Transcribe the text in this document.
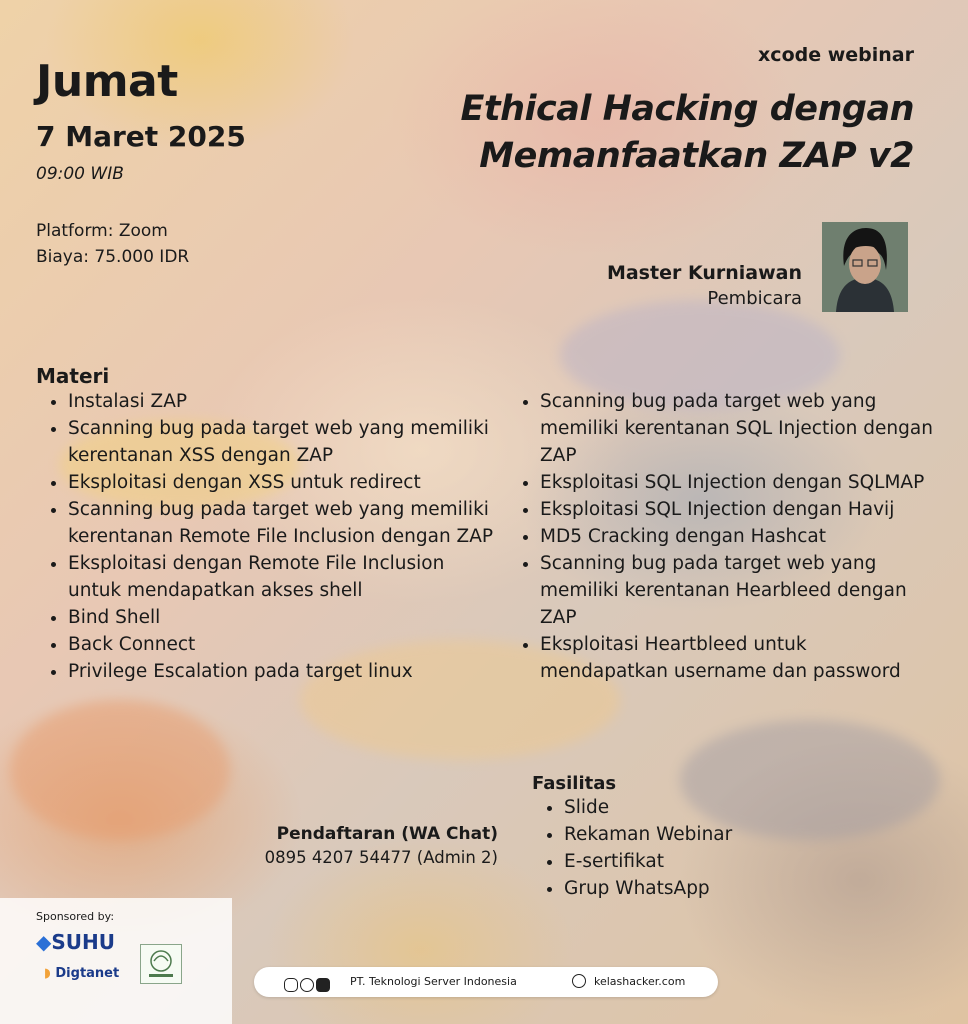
Jumat
7 Maret 2025
09:00 WIB
Platform: Zoom
Biaya: 75.000 IDR
xcode webinar
Ethical Hacking dengan
Memanfaatkan ZAP v2
Master Kurniawan
Pembicara
Materi
• Instalasi ZAP
• Scanning bug pada target web yang memiliki kerentanan XSS dengan ZAP
• Eksploitasi dengan XSS untuk redirect
• Scanning bug pada target web yang memiliki kerentanan Remote File Inclusion dengan ZAP
• Eksploitasi dengan Remote File Inclusion untuk mendapatkan akses shell
• Bind Shell
• Back Connect
• Privilege Escalation pada target linux
• Scanning bug pada target web yang memiliki kerentanan SQL Injection dengan ZAP
• Eksploitasi SQL Injection dengan SQLMAP
• Eksploitasi SQL Injection dengan Havij
• MD5 Cracking dengan Hashcat
• Scanning bug pada target web yang memiliki kerentanan Hearbleed dengan ZAP
• Eksploitasi Heartbleed untuk mendapatkan username dan password
Fasilitas
• Slide
• Rekaman Webinar
• E-sertifikat
• Grup WhatsApp
Pendaftaran (WA Chat)
0895 4207 54477 (Admin 2)
Sponsored by:
◆SUHU
◗ Digtanet
PT. Teknologi Server Indonesia	kelashacker.com
